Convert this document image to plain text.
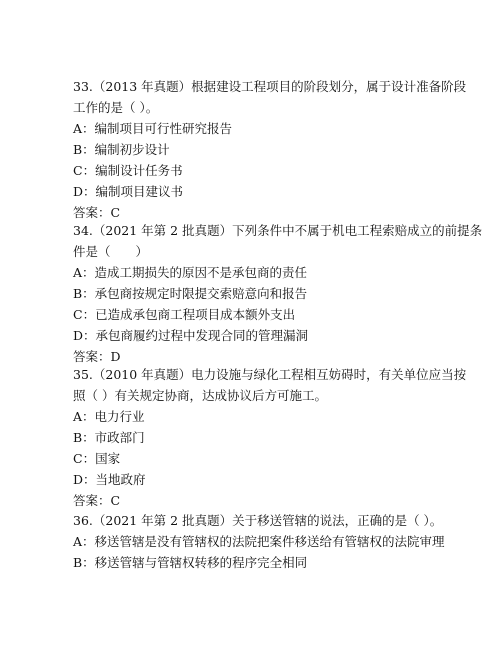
33.（2013 年真题）根据建设工程项目的阶段划分，属于设计准备阶段
工作的是（ ）。
A：编制项目可行性研究报告
B：编制初步设计
C：编制设计任务书
D：编制项目建议书
答案：C
34.（2021 年第 2 批真题）下列条件中不属于机电工程索赔成立的前提条
件是（　　）
A：造成工期损失的原因不是承包商的责任
B：承包商按规定时限提交索赔意向和报告
C：已造成承包商工程项目成本额外支出
D：承包商履约过程中发现合同的管理漏洞
答案：D
35.（2010 年真题）电力设施与绿化工程相互妨碍时，有关单位应当按
照（ ）有关规定协商，达成协议后方可施工。
A：电力行业
B：市政部门
C：国家
D：当地政府
答案：C
36.（2021 年第 2 批真题）关于移送管辖的说法，正确的是（ ）。
A：移送管辖是没有管辖权的法院把案件移送给有管辖权的法院审理
B：移送管辖与管辖权转移的程序完全相同
